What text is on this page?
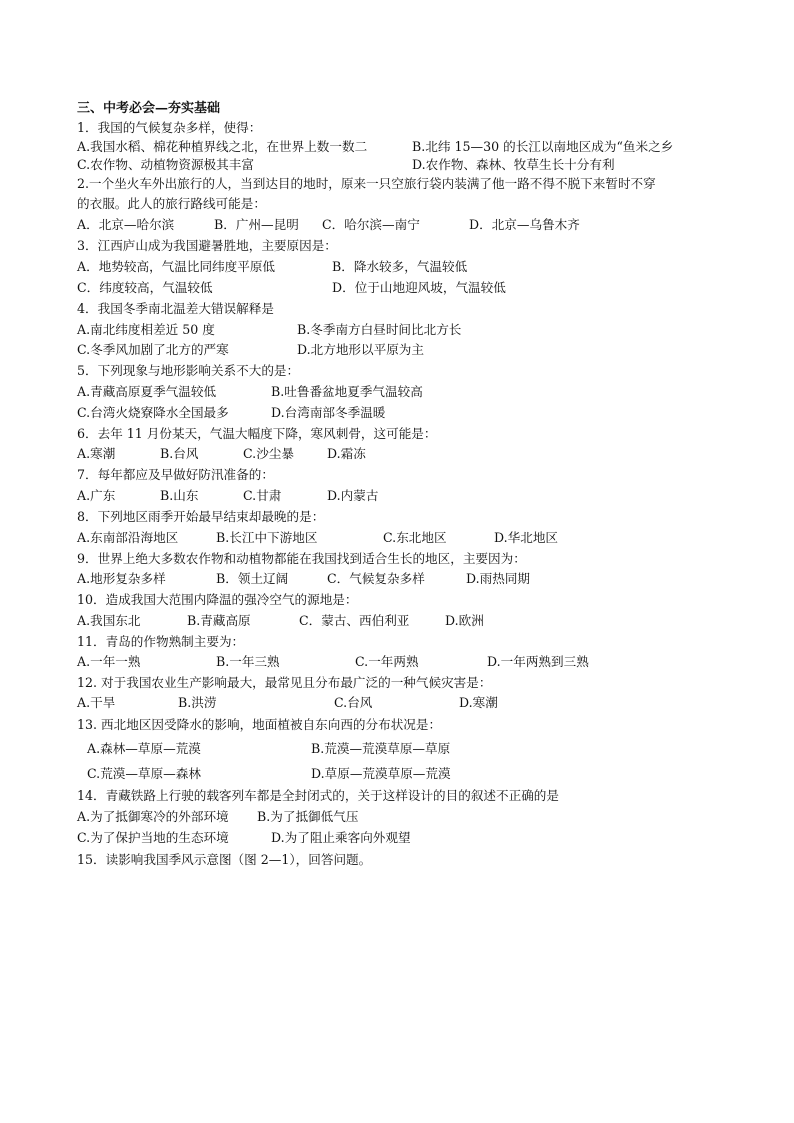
三、中考必会—夯实基础
1．我国的气候复杂多样，使得：
A.我国水稻、棉花种植界线之北，在世界上数一数二	B.北纬 15—30 的长江以南地区成为“鱼米之乡
C.农作物、动植物资源极其丰富	D.农作物、森林、牧草生长十分有利
2.一个坐火车外出旅行的人，当到达目的地时，原来一只空旅行袋内装满了他一路不得不脱下来暂时不穿
的衣服。此人的旅行路线可能是：
A．北京—哈尔滨	B．广州—昆明 C．哈尔滨—南宁	D．北京—乌鲁木齐
3．江西庐山成为我国避暑胜地，主要原因是：
A．地势较高，气温比同纬度平原低	B．降水较多，气温较低
C．纬度较高，气温较低	D．位于山地迎风坡，气温较低
4．我国冬季南北温差大错误解释是
A.南北纬度相差近 50 度	B.冬季南方白昼时间比北方长
C.冬季风加剧了北方的严寒	D.北方地形以平原为主
5．下列现象与地形影响关系不大的是：
A.青藏高原夏季气温较低	B.吐鲁番盆地夏季气温较高
C.台湾火烧寮降水全国最多	D.台湾南部冬季温暖
6．去年 11 月份某天，气温大幅度下降，寒风刺骨，这可能是：
A.寒潮	B.台风	C.沙尘暴	D.霜冻
7．每年都应及早做好防汛准备的：
A.广东	B.山东	C.甘肃	D.内蒙古
8．下列地区雨季开始最早结束却最晚的是：
A.东南部沿海地区	B.长江中下游地区	C.东北地区	D.华北地区
9．世界上绝大多数农作物和动植物都能在我国找到适合生长的地区，主要因为：
A.地形复杂多样	B．领土辽阔	C．气候复杂多样	D.雨热同期
10．造成我国大范围内降温的强冷空气的源地是：
A.我国东北	B.青藏高原	C．蒙古、西伯利亚	D.欧洲
11．青岛的作物熟制主要为：
A.一年一熟	B.一年三熟	C.一年两熟	D.一年两熟到三熟
12. 对于我国农业生产影响最大，最常见且分布最广泛的一种气候灾害是：
A.干旱	B.洪涝	C.台风	D.寒潮
13. 西北地区因受降水的影响，地面植被自东向西的分布状况是：
A.森林—草原—荒漠	B.荒漠—荒漠草原—草原
C.荒漠—草原—森林	D.草原—荒漠草原—荒漠
14．青藏铁路上行驶的载客列车都是全封闭式的，关于这样设计的目的叙述不正确的是
A.为了抵御寒冷的外部环境 B.为了抵御低气压
C.为了保护当地的生态环境	D.为了阻止乘客向外观望
15．读影响我国季风示意图（图 2—1），回答问题。
